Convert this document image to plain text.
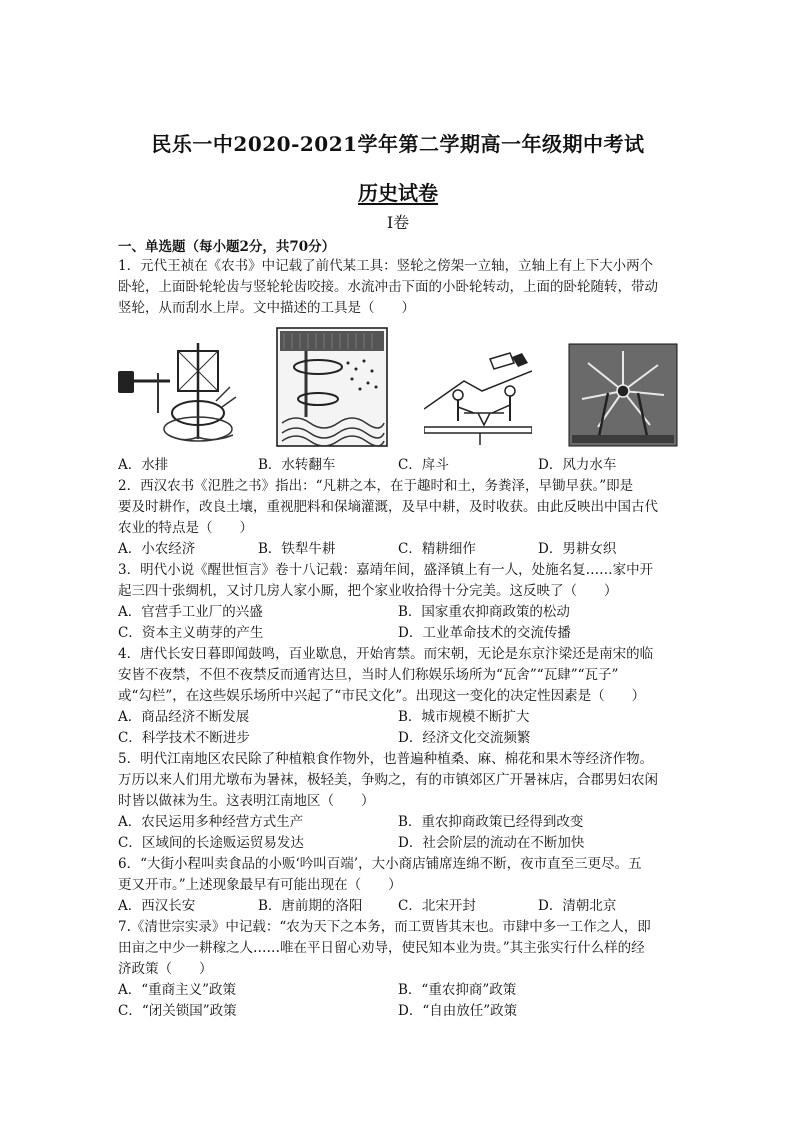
民乐一中2020-2021学年第二学期高一年级期中考试
历史试卷
Ⅰ卷
一、单选题（每小题2分，共70分）

1．元代王祯在《农书》中记载了前代某工具：竖轮之傍架一立轴，立轴上有上下大小两个

卧轮，上面卧轮轮齿与竖轮轮齿咬接。水流冲击下面的小卧轮转动，上面的卧轮随转，带动

竖轮，从而刮水上岸。文中描述的工具是（　　）

A．水排	B．水转翻车	C．戽斗	D．风力水车

2．西汉农书《氾胜之书》指出：“凡耕之本，在于趣时和土，务粪泽，早锄早获。”即是

要及时耕作，改良土壤，重视肥料和保墒灌溉，及早中耕，及时收获。由此反映出中国古代

农业的特点是（　　）

A．小农经济	B．铁犁牛耕	C．精耕细作	D．男耕女织

3．明代小说《醒世恒言》卷十八记载：嘉靖年间，盛泽镇上有一人，处施名复……家中开

起三四十张绸机，又讨几房人家小厮，把个家业收拾得十分完美。这反映了（　　）

A．官营手工业厂的兴盛	B．国家重农抑商政策的松动
C．资本主义萌芽的产生	D．工业革命技术的交流传播

4．唐代长安日暮即闻鼓鸣，百业歇息，开始宵禁。而宋朝，无论是东京汴梁还是南宋的临

安皆不夜禁，不但不夜禁反而通宵达旦，当时人们称娱乐场所为“瓦舍”“瓦肆”“瓦子”

或“勾栏”，在这些娱乐场所中兴起了“市民文化”。出现这一变化的决定性因素是（　　）

A．商品经济不断发展	B．城市规模不断扩大
C．科学技术不断进步	D．经济文化交流频繁

5．明代江南地区农民除了种植粮食作物外，也普遍种植桑、麻、棉花和果木等经济作物。

万历以来人们用尤墩布为暑袜，极轻美，争购之，有的市镇郊区广开暑袜店，合郡男妇农闲

时皆以做袜为生。这表明江南地区（　　）

A．农民运用多种经营方式生产	B．重农抑商政策已经得到改变
C．区域间的长途贩运贸易发达	D．社会阶层的流动在不断加快

6．“大街小程叫卖食品的小贩‘吟叫百端’，大小商店铺席连绵不断，夜市直至三更尽。五

更又开市。”上述现象最早有可能出现在（　　）

A．西汉长安	B．唐前期的洛阳	C．北宋开封	D．清朝北京

7.《清世宗实录》中记载：“农为天下之本务，而工贾皆其末也。市肆中多一工作之人，即

田亩之中少一耕稼之人……唯在平日留心劝导，使民知本业为贵。”其主张实行什么样的经

济政策（　　）

A．“重商主义”政策	B．“重农抑商”政策
C．“闭关锁国”政策	D．“自由放任”政策
